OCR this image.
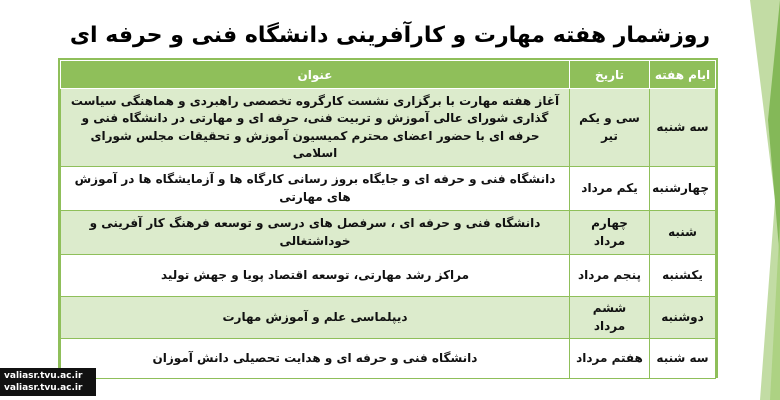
روزشمار هفته مهارت و کارآفرینی دانشگاه فنی و حرفه ای
ایام هفته	تاریخ	عنوان
سه شنبه	سی و یکم تیر	آغاز هفته مهارت با برگزاری نشست کارگروه تخصصی راهبردی و هماهنگی سیاست گذاری شورای عالی آموزش و تربیت فنی، حرفه ای و مهارتی در دانشگاه فنی و حرفه ای با حضور اعضای محترم کمیسیون آموزش و تحقیقات مجلس شورای اسلامی
چهارشنبه	یکم مرداد	دانشگاه فنی و حرفه ای و جایگاه بروز رسانی کارگاه ها و آزمایشگاه ها در آموزش های مهارتی
شنبه	چهارم مرداد	دانشگاه فنی و حرفه ای ، سرفصل های درسی و توسعه فرهنگ کار آفرینی و خوداشتغالی
یکشنبه	پنجم مرداد	مراکز رشد مهارتی، توسعه اقتصاد پویا و جهش تولید
دوشنبه	ششم مرداد	دیپلماسی علم و آموزش مهارت
سه شنبه	هفتم مرداد	دانشگاه فنی و حرفه ای و هدایت تحصیلی دانش آموزان
valiasr.tvu.ac.ir
valiasr.tvu.ac.ir
